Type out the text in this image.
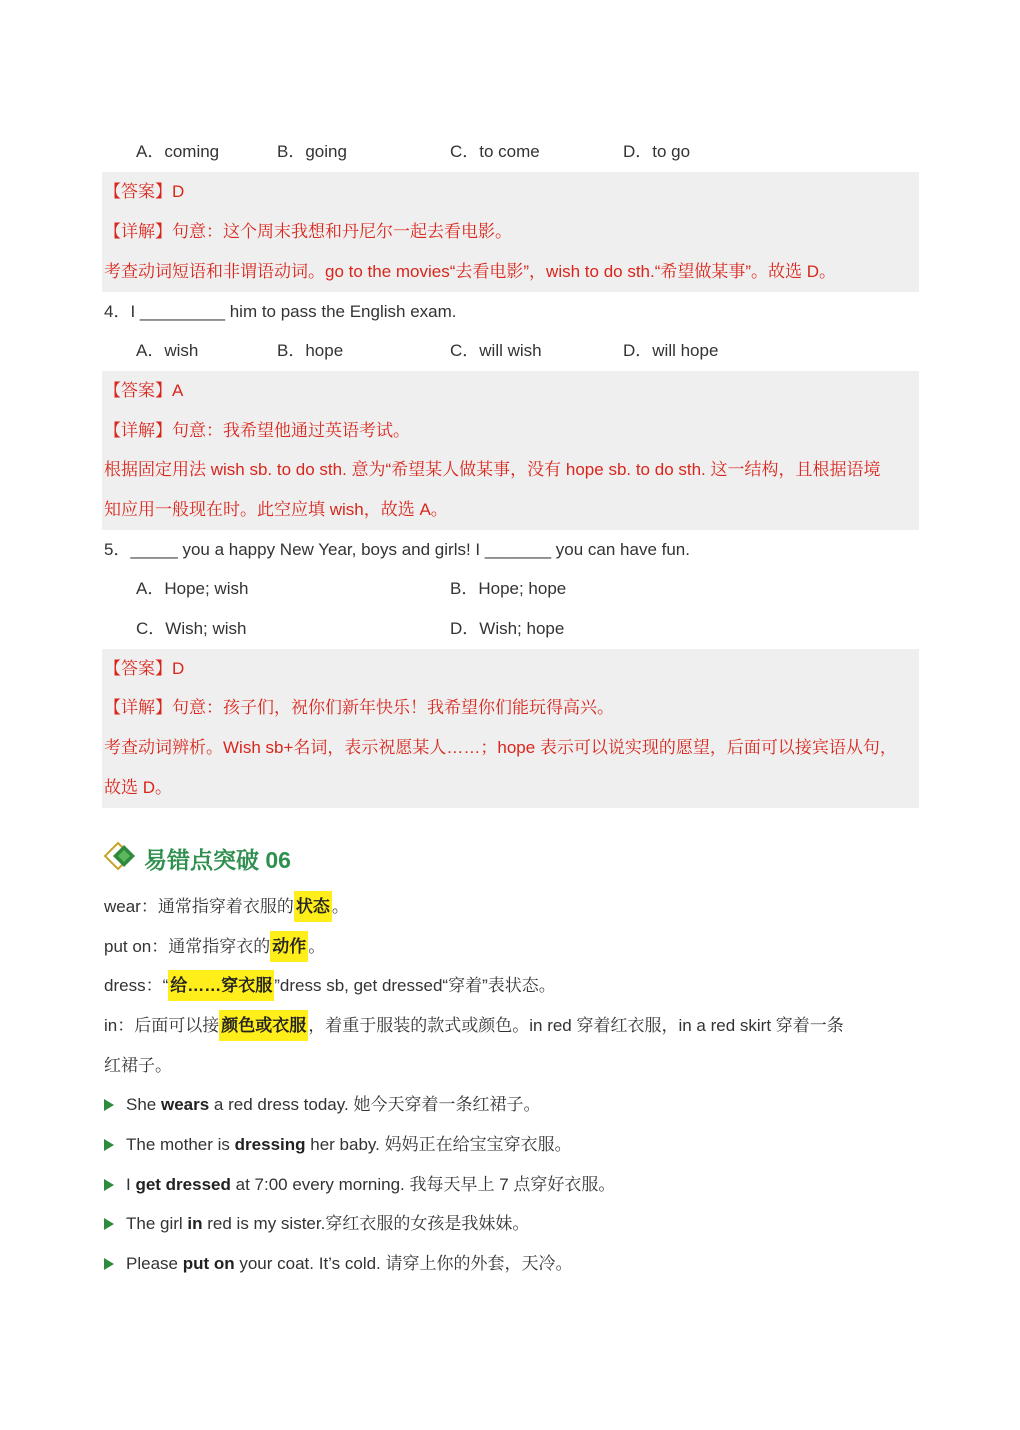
A．coming	B．going	C．to come	D．to go
【答案】D
【详解】句意：这个周末我想和丹尼尔一起去看电影。
考查动词短语和非谓语动词。go to the movies“去看电影”，wish to do sth.“希望做某事”。故选 D。
4．I _________ him to pass the English exam.
A．wish	B．hope	C．will wish	D．will hope
【答案】A
【详解】句意：我希望他通过英语考试。
根据固定用法 wish sb. to do sth. 意为“希望某人做某事，没有 hope sb. to do sth. 这一结构，且根据语境
知应用一般现在时。此空应填 wish，故选 A。
5．_____ you a happy New Year, boys and girls! I _______ you can have fun.
A．Hope; wish	B．Hope; hope
C．Wish; wish	D．Wish; hope
【答案】D
【详解】句意：孩子们，祝你们新年快乐！我希望你们能玩得高兴。
考查动词辨析。Wish sb+名词，表示祝愿某人……；hope 表示可以说实现的愿望，后面可以接宾语从句，
故选 D。
易错点突破 06
wear：通常指穿着衣服的 状态 。
put on：通常指穿衣的 动作 。
dress：“ 给……穿衣服 ”dress sb, get dressed“穿着”表状态。
in：后面可以接 颜色或衣服 ，着重于服装的款式或颜色。in red 穿着红衣服，in a red skirt 穿着一条
红裙子。
She wears a red dress today. 她今天穿着一条红裙子。
The mother is dressing her baby. 妈妈正在给宝宝穿衣服。
I get dressed at 7:00 every morning. 我每天早上 7 点穿好衣服。
The girl in red is my sister.穿红衣服的女孩是我妹妹。
Please put on your coat. It’s cold. 请穿上你的外套，天冷。
